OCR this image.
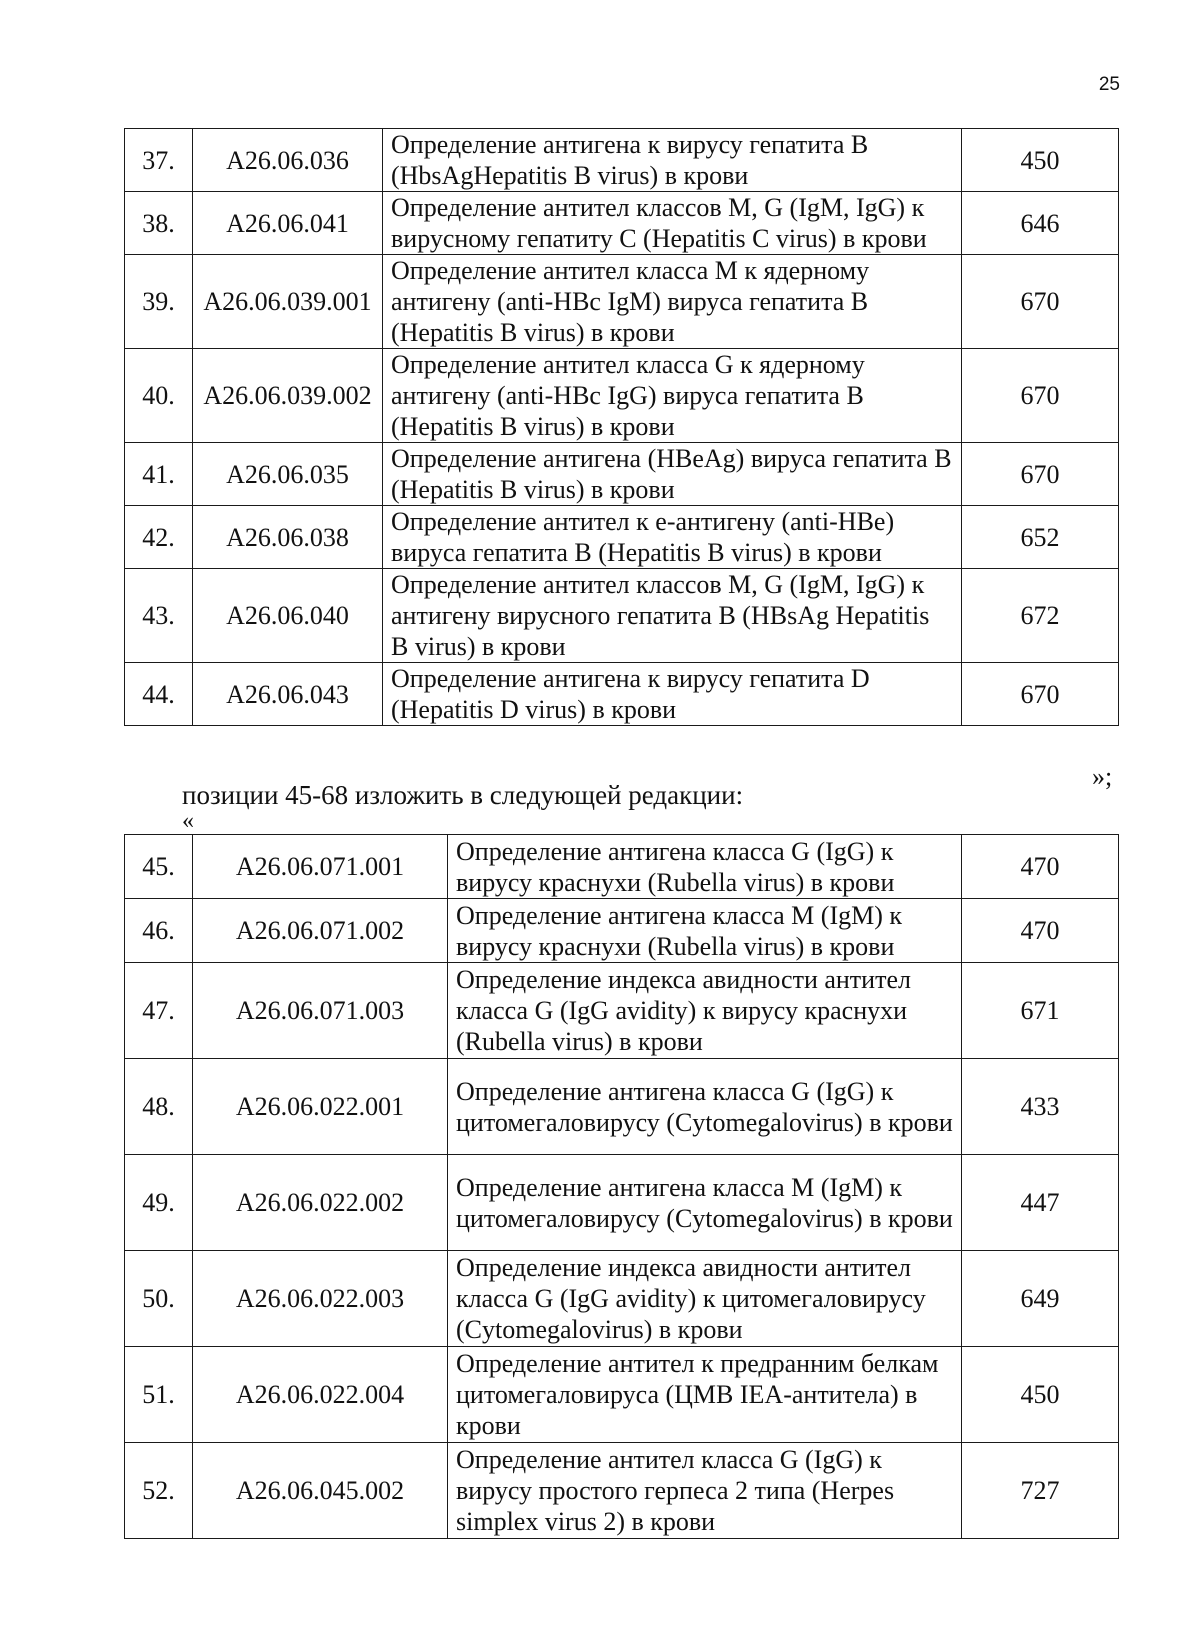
25
37.	A26.06.036	Определение антигена к вирусу гепатита В (HbsAgHepatitis В virus) в крови	450
38.	A26.06.041	Определение антител классов M, G (IgM, IgG) к вирусному гепатиту С (Hepatitis С virus) в крови	646
39.	A26.06.039.001	Определение антител класса М к ядерному антигену (anti-HBc IgM) вируса гепатита В (Hepatitis В virus) в крови	670
40.	A26.06.039.002	Определение антител класса G к ядерному антигену (anti-HBc IgG) вируса гепатита В (Hepatitis В virus) в крови	670
41.	A26.06.035	Определение антигена (HBeAg) вируса гепатита В (Hepatitis В virus) в крови	670
42.	A26.06.038	Определение антител к е-антигену (anti-HBe) вируса гепатита В (Hepatitis В virus) в крови	652
43.	A26.06.040	Определение антител классов M, G (IgM, IgG) к антигену вирусного гепатита В (HBsAg Hepatitis В virus) в крови	672
44.	A26.06.043	Определение антигена к вирусу гепатита D (Hepatitis D virus) в крови	670
»;
позиции 45-68 изложить в следующей редакции:
«
45.	A26.06.071.001	Определение антигена класса G (IgG) к вирусу краснухи (Rubella virus) в крови	470
46.	A26.06.071.002	Определение антигена класса М (IgM) к вирусу краснухи (Rubella virus) в крови	470
47.	A26.06.071.003	Определение индекса авидности антител класса G (IgG avidity) к вирусу краснухи (Rubella virus) в крови	671
48.	A26.06.022.001	Определение антигена класса G (IgG) к цитомегаловирусу (Cytomegalovirus) в крови	433
49.	A26.06.022.002	Определение антигена класса М (IgM) к цитомегаловирусу (Cytomegalovirus) в крови	447
50.	A26.06.022.003	Определение индекса авидности антител класса G (IgG avidity) к цитомегаловирусу (Cytomegalovirus) в крови	649
51.	A26.06.022.004	Определение антител к предранним белкам цитомегаловируса (ЦМВ IEA-антитела) в крови	450
52.	A26.06.045.002	Определение антител класса G (IgG) к вирусу простого герпеса 2 типа (Herpes simplex virus 2) в крови	727
